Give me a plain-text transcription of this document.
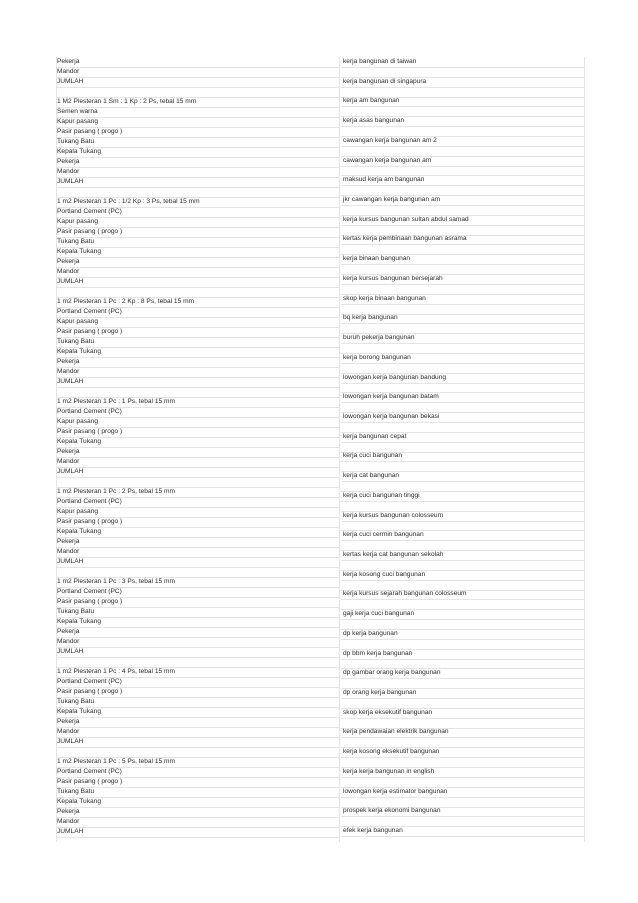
Pekerja
Mandor
JUMLAH
1 M2 Plesteran 1 Sm : 1 Kp : 2 Ps, tebal 15 mm
Semen warna
Kapur pasang
Pasir pasang ( progo )
Tukang Batu
Kepala Tukang
Pekerja
Mandor
JUMLAH
1 m2 Plesteran 1 Pc : 1/2 Kp : 3 Ps, tebal 15 mm
Portland Cement (PC)
Kapur pasang
Pasir pasang ( progo )
Tukang Batu
Kepala Tukang
Pekerja
Mandor
JUMLAH
1 m2 Plesteran 1 Pc : 2 Kp : 8 Ps, tebal 15 mm
Portland Cement (PC)
Kapur pasang
Pasir pasang ( progo )
Tukang Batu
Kepala Tukang
Pekerja
Mandor
JUMLAH
1 m2 Plesteran 1 Pc : 1 Ps, tebal 15 mm
Portland Cement (PC)
Kapur pasang
Pasir pasang ( progo )
Kepala Tukang
Pekerja
Mandor
JUMLAH
1 m2 Plesteran 1 Pc : 2 Ps, tebal 15 mm
Portland Cement (PC)
Kapur pasang
Pasir pasang ( progo )
Kepala Tukang
Pekerja
Mandor
JUMLAH
1 m2 Plesteran 1 Pc : 3 Ps, tebal 15 mm
Portland Cement (PC)
Pasir pasang ( progo )
Tukang Batu
Kepala Tukang
Pekerja
Mandor
JUMLAH
1 m2 Plesteran 1 Pc : 4 Ps, tebal 15 mm
Portland Cement (PC)
Pasir pasang ( progo )
Tukang Batu
Kepala Tukang
Pekerja
Mandor
JUMLAH
1 m2 Plesteran 1 Pc : 5 Ps, tebal 15 mm
Portland Cement (PC)
Pasir pasang ( progo )
Tukang Batu
Kepala Tukang
Pekerja
Mandor
JUMLAH
kerja bangunan di taiwan
kerja bangunan di singapura
kerja am bangunan
kerja asas bangunan
cawangan kerja bangunan am 2
cawangan kerja bangunan am
maksud kerja am bangunan
jkr cawangan kerja bangunan am
kerja kursus bangunan sultan abdul samad
kertas kerja pembinaan bangunan asrama
kerja binaan bangunan
kerja kursus bangunan bersejarah
skop kerja binaan bangunan
bq kerja bangunan
buruh pekerja bangunan
kerja borong bangunan
lowongan kerja bangunan bandung
lowongan kerja bangunan batam
lowongan kerja bangunan bekasi
kerja bangunan cepat
kerja cuci bangunan
kerja cat bangunan
kerja cuci bangunan tinggi
kerja kursus bangunan colosseum
kerja cuci cermin bangunan
kertas kerja cat bangunan sekolah
kerja kosong cuci bangunan
kerja kursus sejarah bangunan colosseum
gaji kerja cuci bangunan
dp kerja bangunan
dp bbm kerja bangunan
dp gambar orang kerja bangunan
dp orang kerja bangunan
skop kerja eksekutif bangunan
kerja pendawaian elektrik bangunan
kerja kosong eksekutif bangunan
kerja kerja bangunan in english
lowongan kerja estimator bangunan
prospek kerja ekonomi bangunan
efek kerja bangunan
